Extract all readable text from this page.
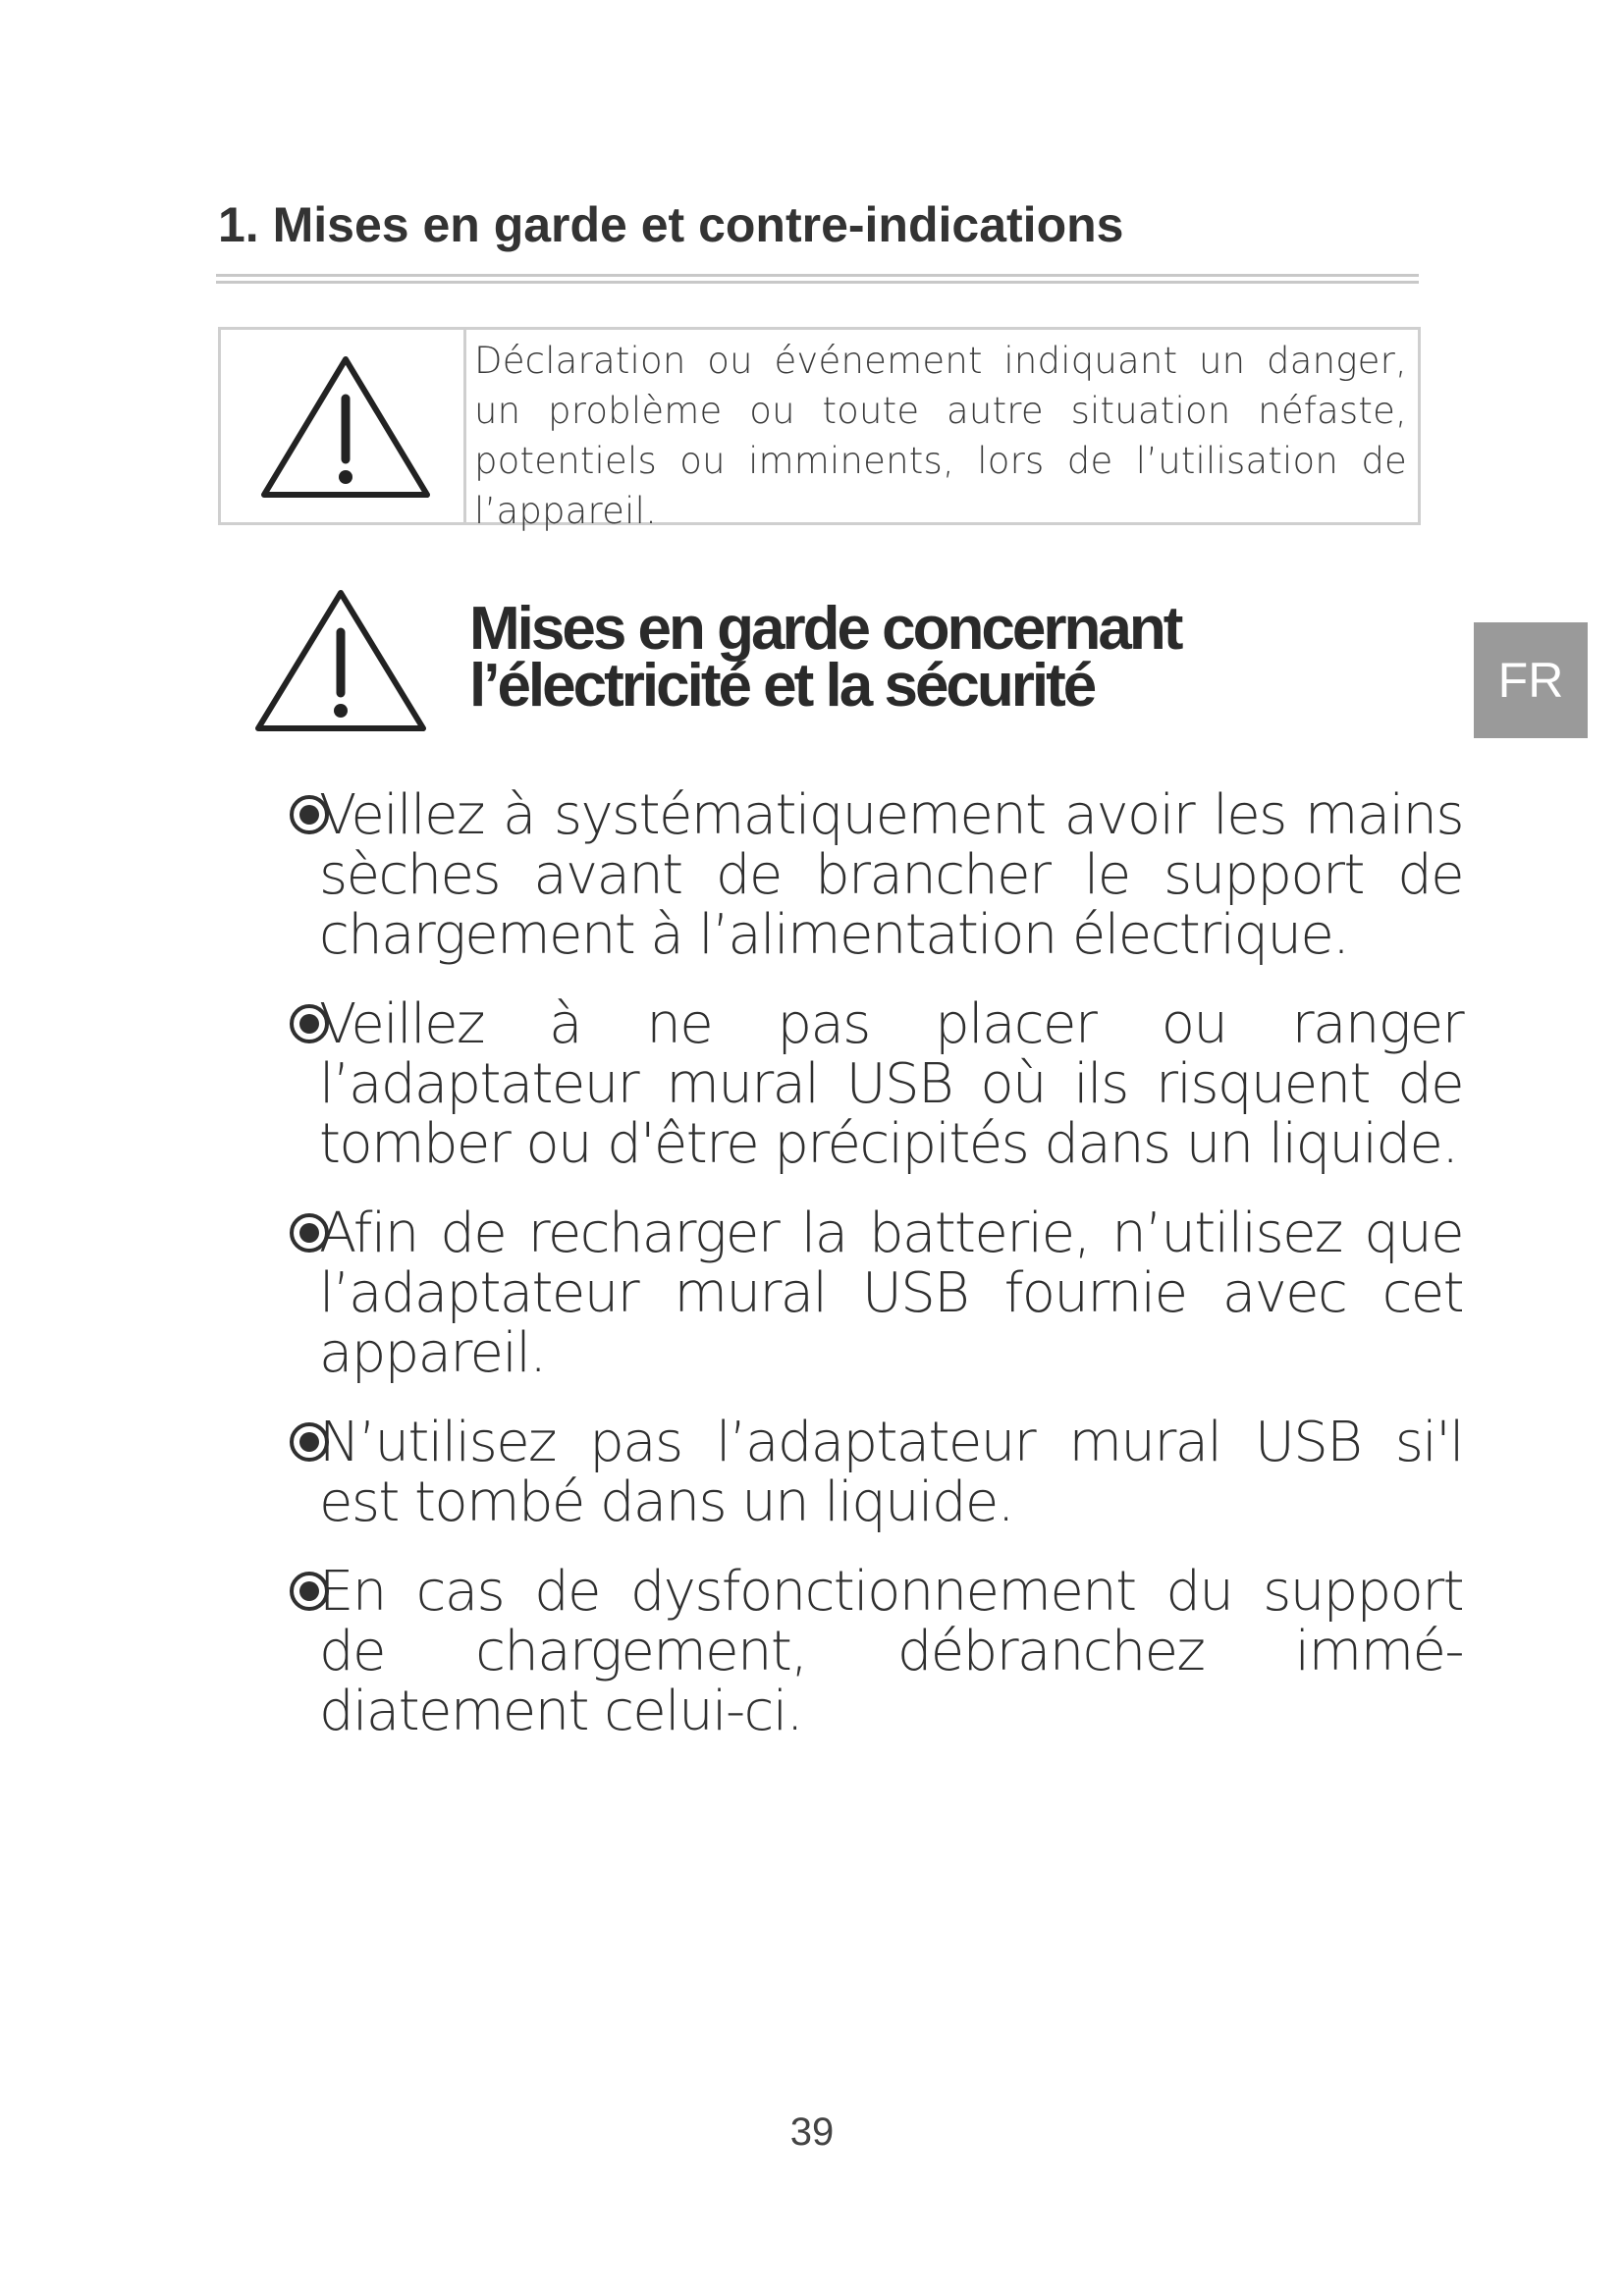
1. Mises en garde et contre-indications

Déclaration ou événement indiquant un danger, un problème ou toute autre situation néfaste, potentiels ou imminents, lors de l’utilisation de l’appareil.

Mises en garde concernant
l’électricité et la sécurité	FR
Veillez à systématiquement avoir les mains sèches avant de brancher le support de chargement à l’alimentation électrique.
Veillez à ne pas placer ou ranger l’adaptateur mural USB où ils risquent de tomber ou d'être précipités dans un liquide.
Afin de recharger la batterie, n’utilisez que l’adaptateur mural USB fournie avec cet appareil.
N’utilisez pas l’adaptateur mural USB si'l est tombé dans un liquide.
En cas de dysfonctionnement du support de chargement, débranchez immé-diatement celui-ci.
39
